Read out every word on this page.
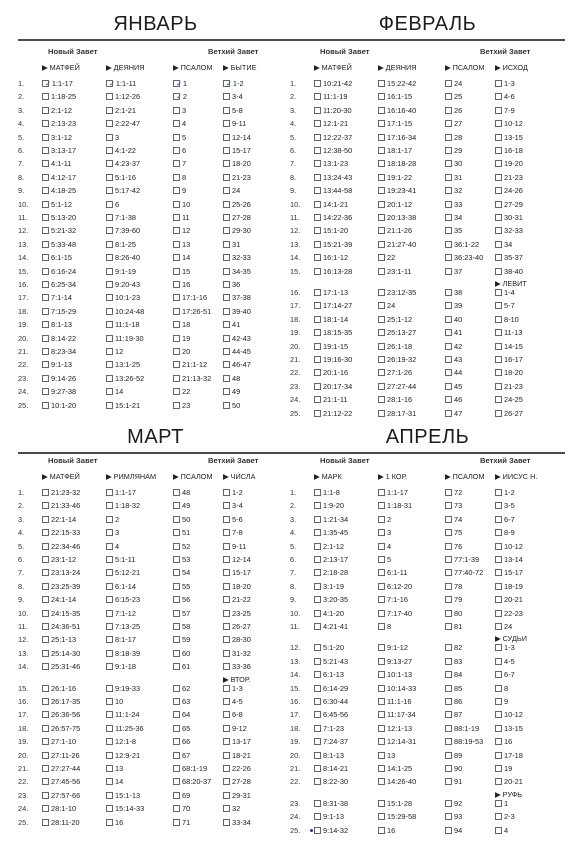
ЯНВАРЬ
Новый Завет	Ветхий Завет
▶ МАТФЕЙ	▶ ДЕЯНИЯ	▶ ПСАЛОМ ▶ БЫТИЕ
1.	✓1:1-17	✓1:1-11	✓1	✓1-2
2.	1:18-25	1:12-26	✓2	3-4
3.	2:1-12	2:1-21	3	5-8
4.	2:13-23	2:22-47	4	9-11
5.	3:1-12	3	5	12-14
6.	3:13-17	4:1-22	6	15-17
7.	4:1-11	4:23-37	7	18-20
8.	4:12-17	5:1-16	8	21-23
9.	4:18-25	5:17-42	9	24
10.	5:1-12	6	10	25-26
11.	5:13-20	7:1-38	11	27-28
12.	5:21-32	7:39-60	12	29-30
13.	5:33-48	8:1-25	13	31
14.	6:1-15	8:26-40	14	32-33
15.	6:16-24	9:1-19	15	34-35
16.	6:25-34	9:20-43	16	36
17.	7:1-14	10:1-23	17:1-16	37-38
18.	7:15-29	10:24-48	17:26-51	39-40
19.	8:1-13	11:1-18	18	41
20.	8:14-22	11:19-30	19	42-43
21.	8:23-34	12	20	44-45
22.	9:1-13	13:1-25	21:1-12	46-47
23.	9:14-26	13:26-52	21:13-32	48
24.	9:27-38	14	22	49
25.	10:1-20	15:1-21	23	50
ФЕВРАЛЬ
Новый Завет	Ветхий Завет
▶ МАТФЕЙ	▶ ДЕЯНИЯ	▶ ПСАЛОМ ▶ ИСХОД
▶ ЛЕВИТ
1.	10:21-42	15:22-42	24	1-3
2.	11:1-19	16:1-15	25	4-6
3.	11:20-30	16:16-40	26	7-9
4.	12:1-21	17:1-15	27	10-12
5.	12:22-37	17:16-34	28	13-15
6.	12:38-50	18:1-17	29	16-18
7.	13:1-23	18:18-28	30	19-20
8.	13:24-43	19:1-22	31	21-23
9.	13:44-58	19:23-41	32	24-26
10.	14:1-21	20:1-12	33	27-29
11.	14:22-36	20:13-38	34	30-31
12.	15:1-20	21:1-26	35	32-33
13.	15:21-39	21:27-40	36:1-22	34
14.	16:1-12	22	36:23-40	35-37
15.	16:13-28	23:1-11	37	38-40
16.	17:1-13	23:12-35	38	1-4
17.	17:14-27	24	39	5-7
18.	18:1-14	25:1-12	40	8-10
19.	18:15-35	25:13-27	41	11-13
20.	19:1-15	26:1-18	42	14-15
21.	19:16-30	26:19-32	43	16-17
22.	20:1-16	27:1-26	44	18-20
23.	20:17-34	27:27-44	45	21-23
24.	21:1-11	28:1-16	46	24-25
25.	21:12-22	28:17-31	47	26-27
МАРТ
Новый Завет	Ветхий Завет
▶ МАТФЕЙ	▶ РИМЛЯНАМ ▶ ПСАЛОМ ▶ ЧИСЛА
▶ ВТОР.
1.	21:23-32	1:1-17	48	1-2
2.	21:33-46	1:18-32	49	3-4
3.	22:1-14	2	50	5-6
4.	22:15-33	3	51	7-8
5.	22:34-46	4	52	9-11
6.	23:1-12	5:1-11	53	12-14
7.	23:13-24	5:12-21	54	15-17
8.	23:25-39	6:1-14	55	18-20
9.	24:1-14	6:15-23	56	21-22
10.	24:15-35	7:1-12	57	23-25
11.	24:36-51	7:13-25	58	26-27
12.	25:1-13	8:1-17	59	28-30
13.	25:14-30	8:18-39	60	31-32
14.	25:31-46	9:1-18	61	33-36
15.	26:1-16	9:19-33	62	1-3
16.	26:17-35	10	63	4-5
17.	26:36-56	11:1-24	64	6-8
18.	26:57-75	11:25-36	65	9-12
19.	27:1-10	12:1-8	66	13-17
20.	27:11-26	12:9-21	67	18-21
21.	27:27-44	13	68:1-19	22-26
22.	27:45-56	14	68:20-37	27-28
23.	27:57-66	15:1-13	69	29-31
24.	28:1-10	15:14-33	70	32
25.	28:11-20	16	71	33-34
АПРЕЛЬ
Новый Завет	Ветхий Завет
▶ МАРК	▶ 1 КОР.	▶ ПСАЛОМ ▶ ИИСУС Н.
▶ СУДЬИ
▶ РУФЬ
1.	1:1-8	1:1-17	72	1-2
2.	1:9-20	1:18-31	73	3-5
3.	1:21-34	2	74	6-7
4.	1:35-45	3	75	8-9
5.	2:1-12	4	76	10-12
6.	2:13-17	5	77:1-39	13-14
7.	2:18-28	6:1-11	77:40-72	15-17
8.	3:1-19	6:12-20	78	18-19
9.	3:20-35	7:1-16	79	20-21
10.	4:1-20	7:17-40	80	22-23
11.	4:21-41	8	81	24
12.	5:1-20	9:1-12	82	1-3
13.	5:21-43	9:13-27	83	4-5
14.	6:1-13	10:1-13	84	6-7
15.	6:14-29	10:14-33	85	8
16.	6:30-44	11:1-16	86	9
17.	6:45-56	11:17-34	87	10-12
18.	7:1-23	12:1-13	88:1-19	13-15
19.	7:24-37	12:14-31	88:19-53	16
20.	8:1-13	13	89	17-18
21.	8:14-21	14:1-25	90	19
22.	8:22-30	14:26-40	91	20-21
23.	8:31-38	15:1-28	92	1
24.	9:1-13	15:29-58	93	2-3
25.	9:14-32	16	94	4
